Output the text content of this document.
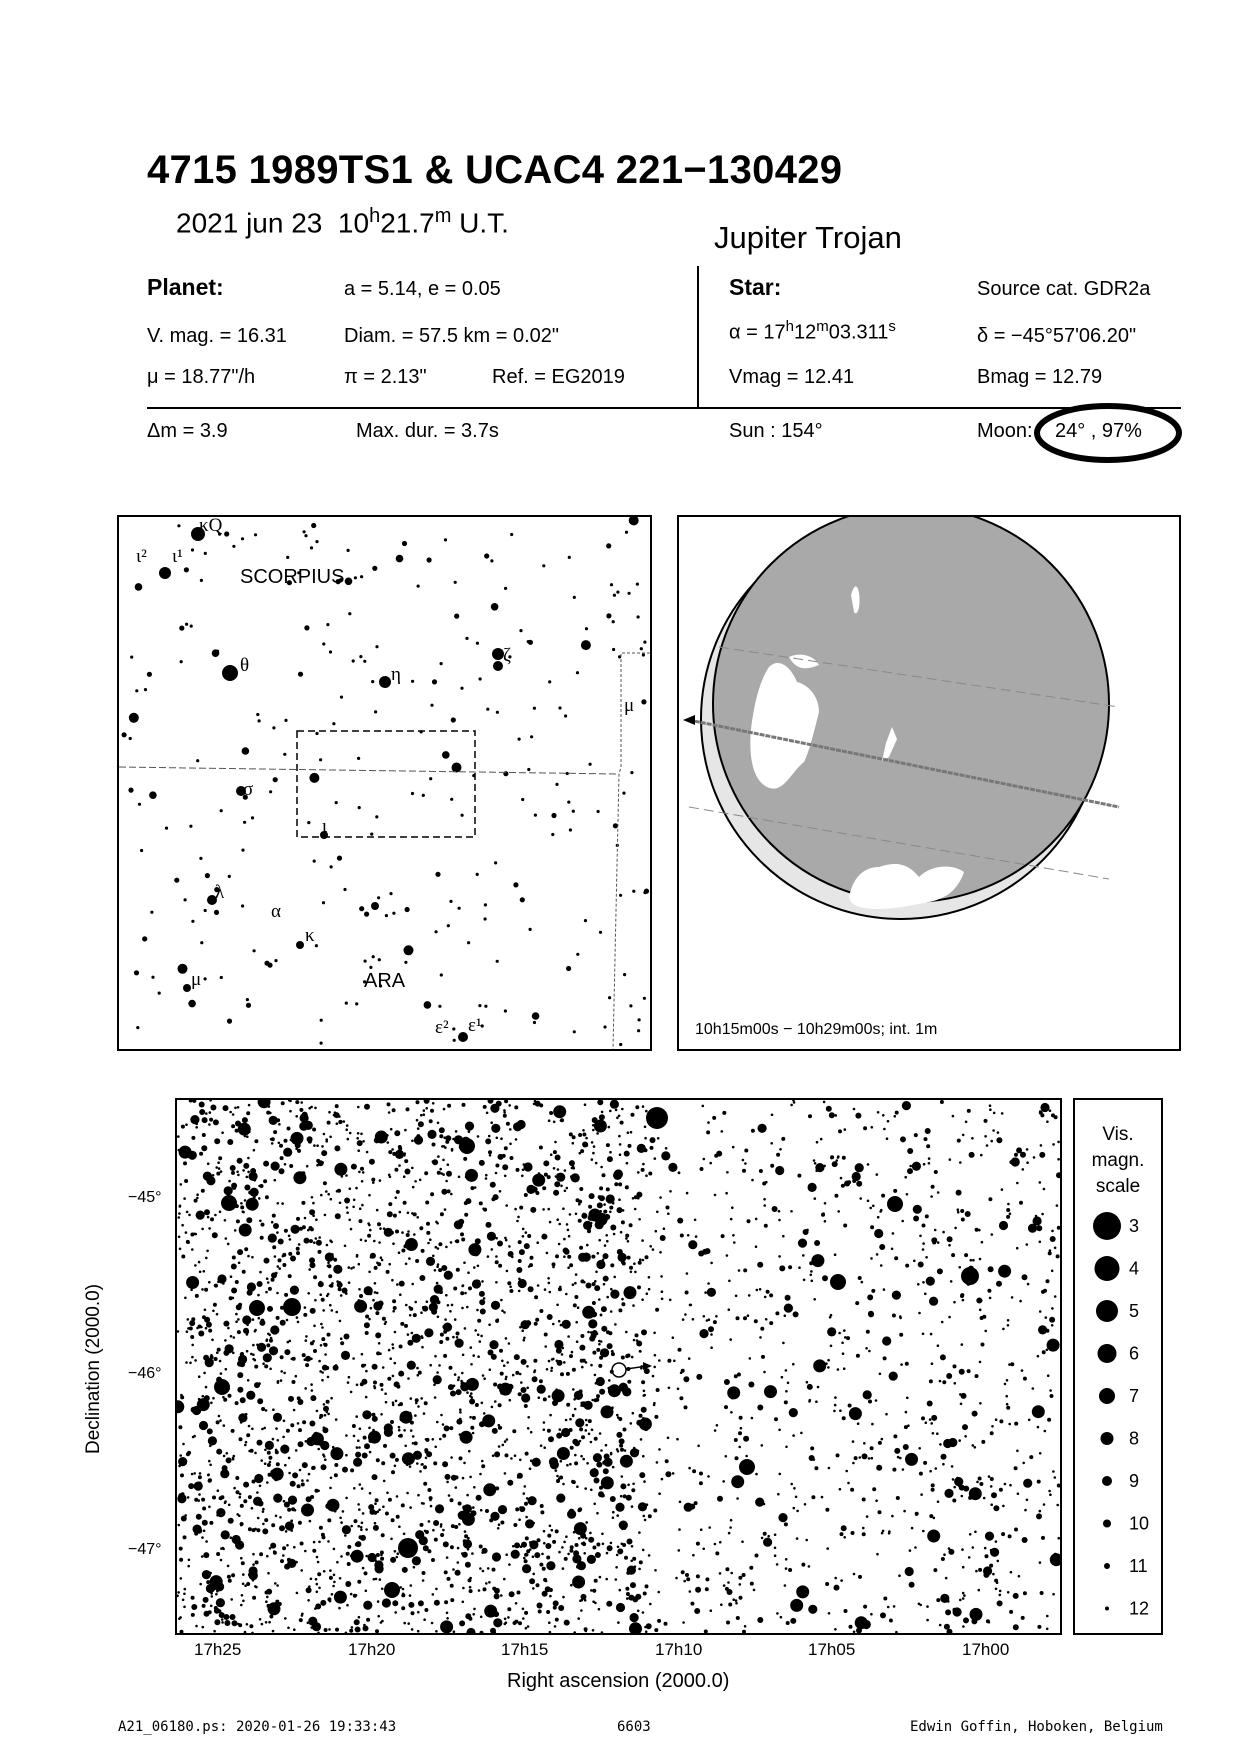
4715 1989TS1 & UCAC4 221−130429
2021 jun 23 10$^h$21.7$^m$ U.T.	Jupiter Trojan
Planet:	a = 5.14, e = 0.05
V. mag. = 16.31	Diam. = 57.5 km = 0.02"
μ = 18.77"/h	π = 2.13"	Ref. = EG2019
Star:	Source cat. GDR2a
$\alpha = 17^h12^m03.311^s$	δ = −45°57'06.20"
Vmag = 12.41	Bmag = 12.79
Δm = 3.9	Max. dur. = 3.7s	Sun : 154°	Moon: 24° , 97%
SCORPIUS
ARA
κQ
ι² ι¹
θ	η
ζ
μ
σ
ι
λ
α
κ
μ
ε² ε¹	10h15m00s − 10h29m00s; int. 1m
−45°
−46°
−47°
17h25	17h20	17h15	17h10	17h05	17h00
Right ascension (2000.0)
Declination (2000.0)
Vis.
magn.
scale
3
4
5
6
7
8
9
10
11
12
A21_06180.ps: 2020-01-26 19:33:43	6603	Edwin Goffin, Hoboken, Belgium
